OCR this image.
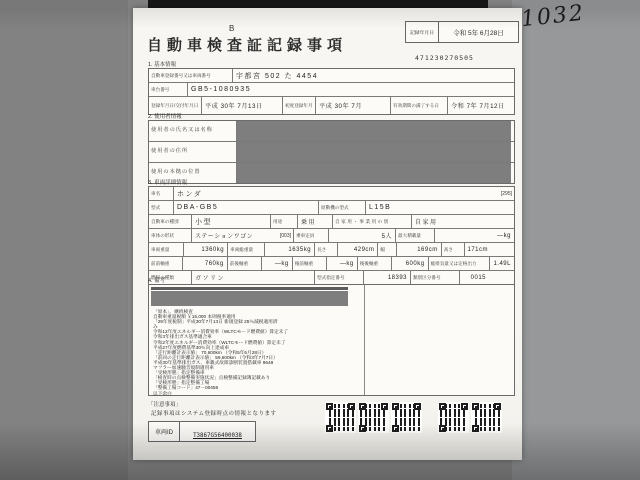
1032
B	記録年月日	令和 5年 6月28日
自動車検査証記録事項
471230270505
1. 基本情報
自動車登録番号又は車両番号	宇都宮 502 た 4454
車台番号	GB5-1080935
登録年月日/交付年月日	平成 30年 7月13日	初度登録年月	平成 30年 7月	有効期間の満了する日	令和 7年 7月12日
2. 使用者情報
使用者の氏名又は名称
使用者の住所
使用の本拠の位置
3. 車両詳細情報
車名	ホンダ	[295]
型式	DBA-GB5	原動機の型式	L15B
自動車の種別	小型	用途	乗用	自家用・事業用の別	自家用
車体の形状	ステーションワゴン	[003]	乗車定員	5人	最大積載量	―kg
車両重量	1360kg	車両総重量	1635kg	長さ	429cm	幅	169cm	高さ	171cm
前前軸重	760kg	前後軸重	―kg	後前軸重	―kg	後後軸重	600kg	総排気量又は定格出力	1.49L
燃料の種類	ガソリン	型式指定番号	18393	類別区分番号	0015
4. 備考
「原本」、継続検査
自動車重量税額 ￥15,000 本則税率適用
「29年度税制」平成30年7月13日 新規登録 25％減税適用済
み
令和12年度エネルギー消費効率（WLTCモード燃費値）算定未了
令和3年排出ガス基準適合車
令和2年度エネルギー消費効率（WLTCモード燃費値）算定未了
平成27年度燃費基準30％向上達成車
「走行距離計表示値」 70,600km （令和5年6月28日）
「前回の走行距離計表示値」 59,600km （令和3年7月7日）
平成30年基準排出ガス、車載式故障診断装置搭載車 9648
マフラー加速騒音規制適用車
「受検形態」指定整備車
「検査時の点検整備実施状況」点検整備記録簿記載あり
「受検形態」指定整備工場
「整備工場コード」47－00458
以下余白
「注意事項」
記録事項はシステム登録時点の情報となります
車両ID	T3867G56400038
